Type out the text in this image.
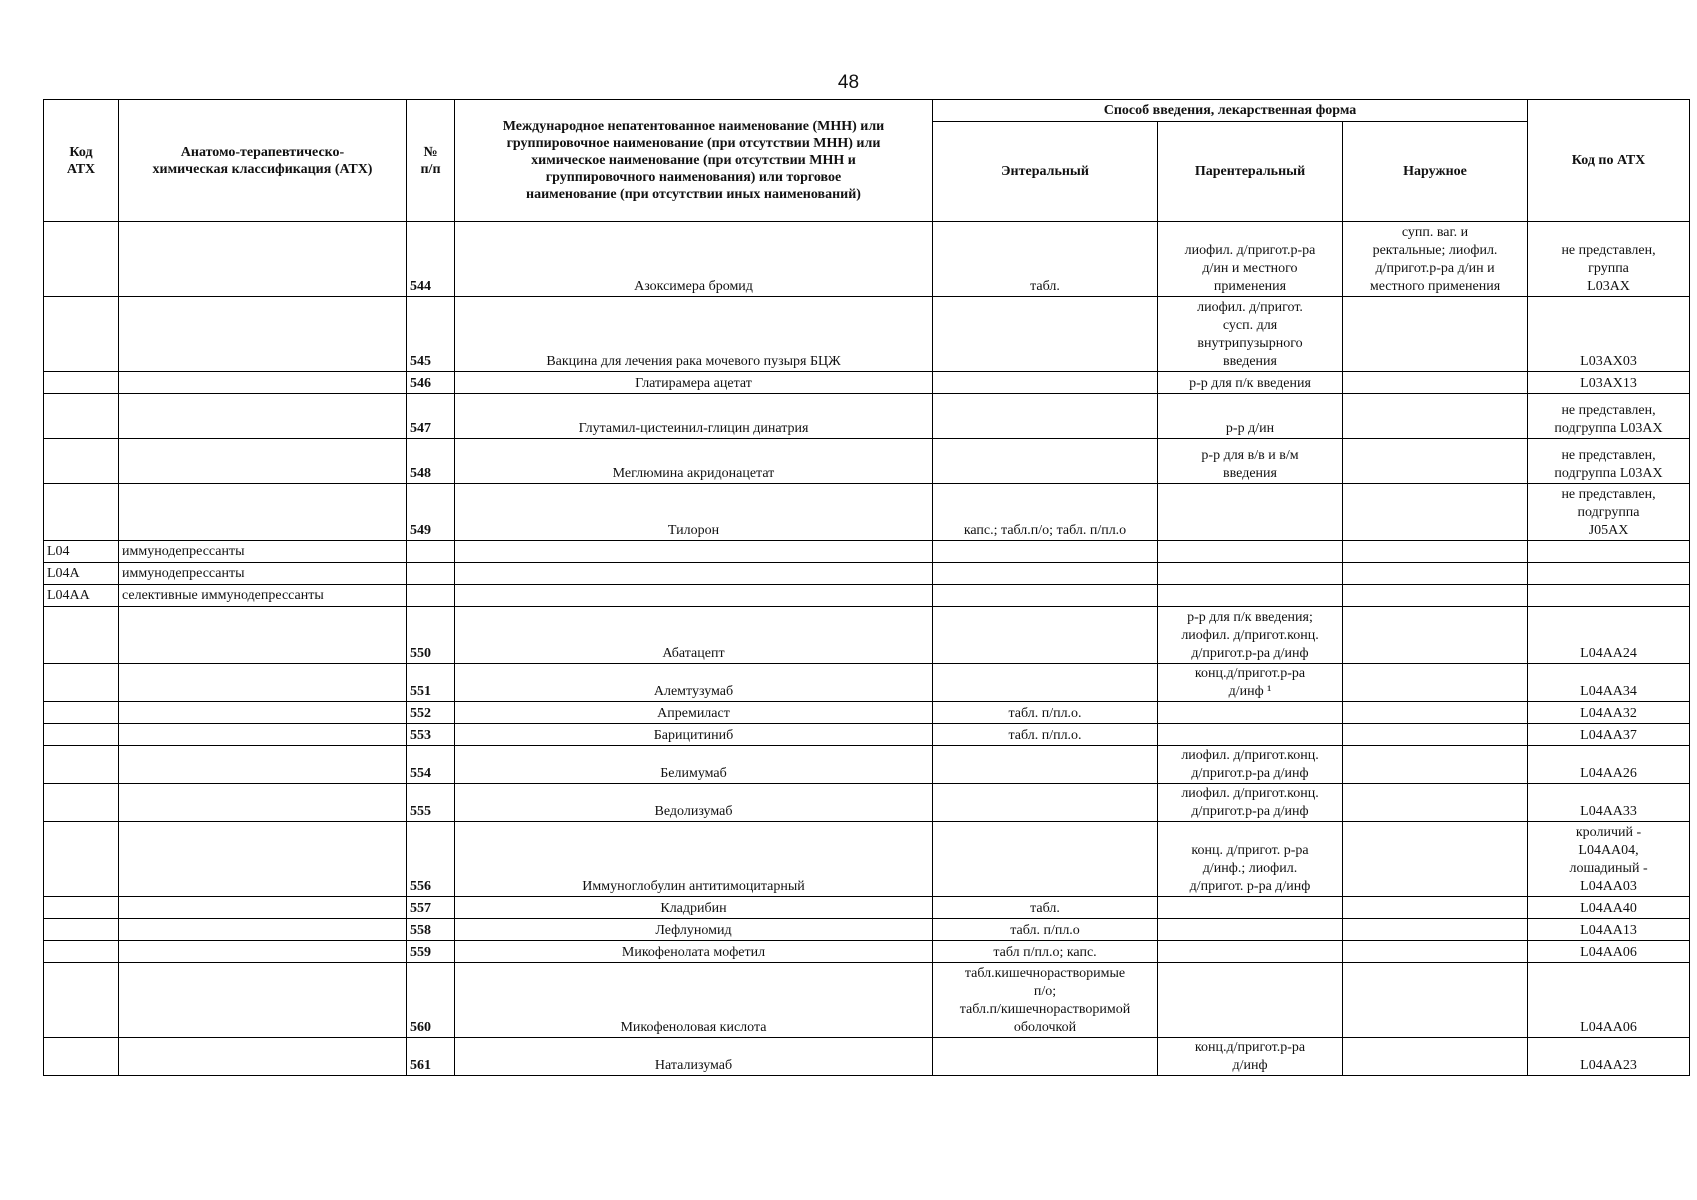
48
Код
АТХ	Анатомо-терапевтическо-
химическая классификация (АТХ)	№
п/п	Международное непатентованное наименование (МНН) или
группировочное наименование (при отсутствии МНН) или
химическое наименование (при отсутствии МНН и
группировочного наименования) или торговое
наименование (при отсутствии иных наименований)	Способ введения, лекарственная форма			Код по АТХ
				Энтеральный	Парентеральный	Наружное	
		544	Азоксимера бромид	табл.	лиофил. д/пригот.р-ра
д/ин и местного
применения	супп. ваг. и
ректальные; лиофил.
д/пригот.р-ра д/ин и
местного применения	не представлен,
группа
L03AX
		545	Вакцина для лечения рака мочевого пузыря БЦЖ		лиофил. д/пригот.
сусп. для
внутрипузырного
введения		L03AX03
		546	Глатирамера ацетат		р-р для п/к введения		L03AX13
		547	Глутамил-цистеинил-глицин динатрия		р-р д/ин		не представлен,
подгруппа L03AX
		548	Меглюмина акридонацетат		р-р для в/в и в/м
введения		не представлен,
подгруппа L03AX
		549	Тилорон	капс.; табл.п/о; табл. п/пл.о			не представлен,
подгруппа
J05AX
L04	иммунодепрессанты						
L04A	иммунодепрессанты						
L04AA	селективные иммунодепрессанты						
		550	Абатацепт		р-р для п/к введения;
лиофил. д/пригот.конц.
д/пригот.р-ра д/инф		L04AA24
		551	Алемтузумаб		конц.д/пригот.р-ра
д/инф ¹		L04AA34
		552	Апремиласт	табл. п/пл.о.			L04AA32
		553	Барицитиниб	табл. п/пл.о.			L04AA37
		554	Белимумаб		лиофил. д/пригот.конц.
д/пригот.р-ра д/инф		L04AA26
		555	Ведолизумаб		лиофил. д/пригот.конц.
д/пригот.р-ра д/инф		L04AA33
		556	Иммуноглобулин антитимоцитарный		конц. д/пригот. р-ра
д/инф.; лиофил.
д/пригот. р-ра д/инф		кроличий -
L04AA04,
лошадиный -
L04AA03
		557	Кладрибин	табл.			L04AA40
		558	Лефлуномид	табл. п/пл.о			L04AA13
		559	Микофенолата мофетил	табл п/пл.о; капс.			L04AA06
		560	Микофеноловая кислота	табл.кишечнорастворимые
п/о;
табл.п/кишечнорастворимой
оболочкой			L04AA06
		561	Натализумаб		конц.д/пригот.р-ра
д/инф		L04AA23
